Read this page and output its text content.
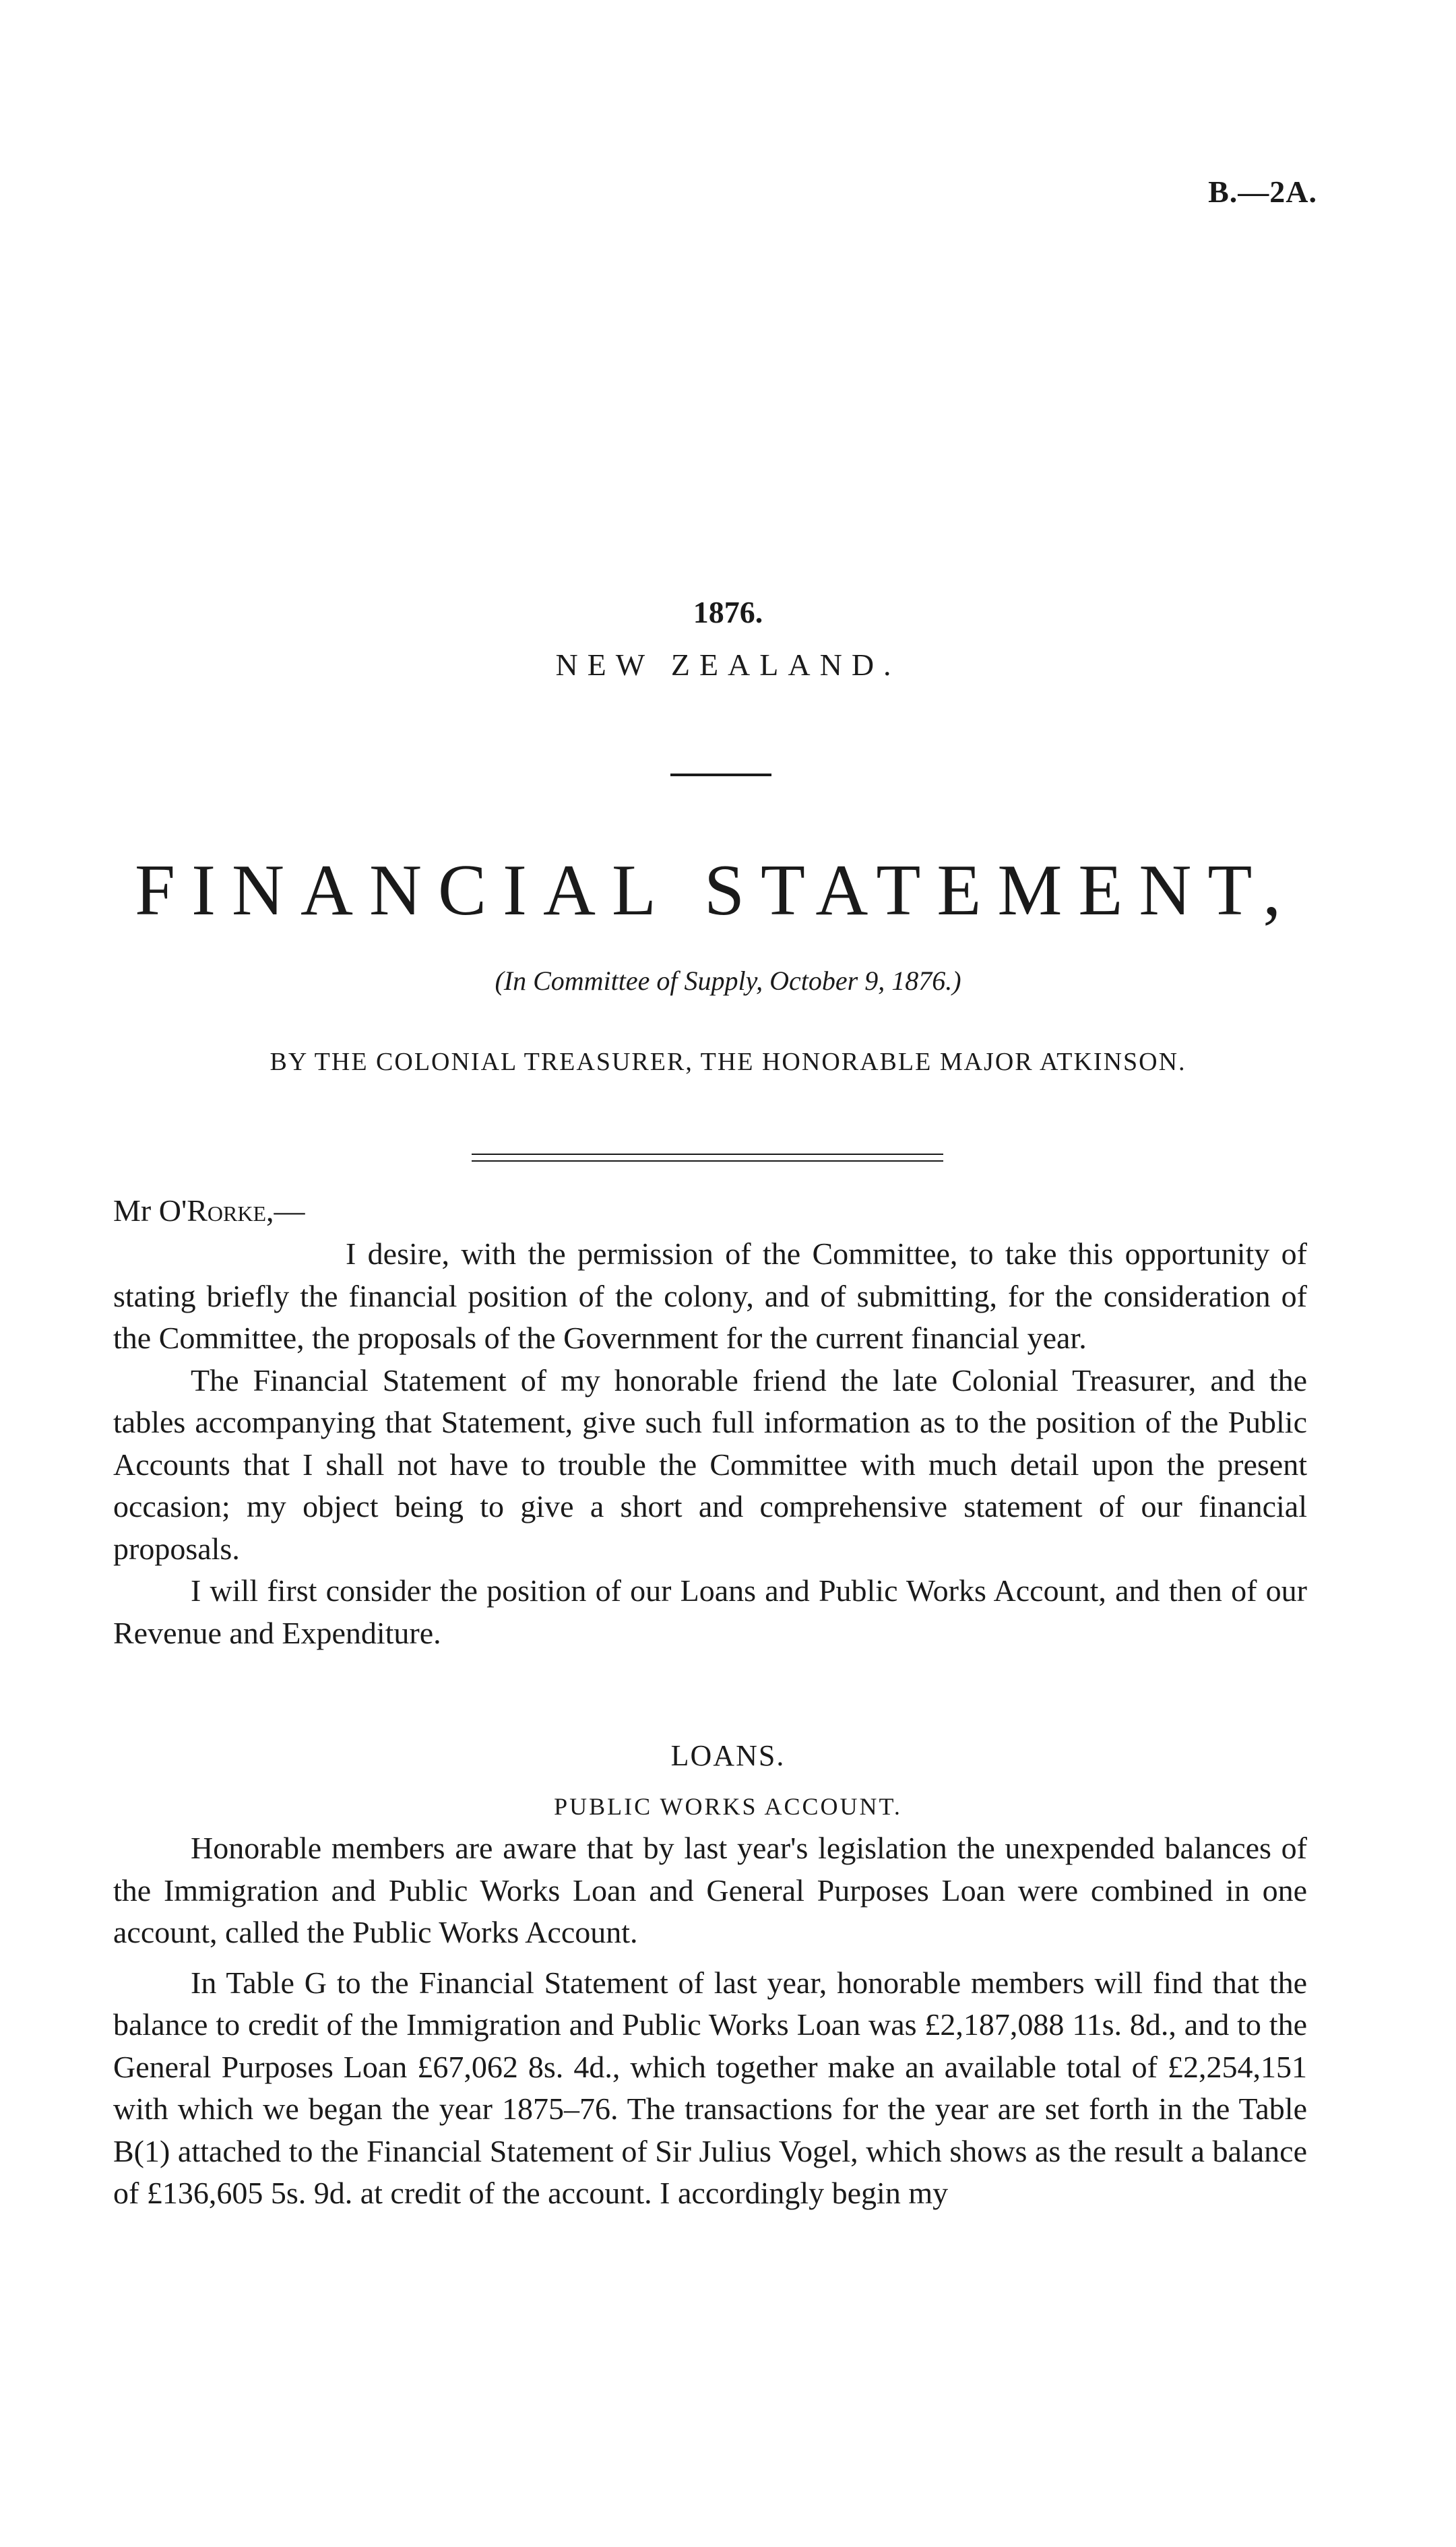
B.—2A.
1876.
NEW ZEALAND.
FINANCIAL STATEMENT,
(In Committee of Supply, October 9, 1876.)
BY THE COLONIAL TREASURER, THE HONORABLE MAJOR ATKINSON.
Mr O'Rorke,—

I desire, with the permission of the Committee, to take this opportunity of stating briefly the financial position of the colony, and of submitting, for the consideration of the Committee, the proposals of the Government for the current financial year.

The Financial Statement of my honorable friend the late Colonial Treasurer, and the tables accompanying that Statement, give such full information as to the position of the Public Accounts that I shall not have to trouble the Committee with much detail upon the present occasion; my object being to give a short and comprehensive statement of our financial proposals.

I will first consider the position of our Loans and Public Works Account, and then of our Revenue and Expenditure.

LOANS.
PUBLIC WORKS ACCOUNT.

Honorable members are aware that by last year's legislation the unexpended balances of the Immigration and Public Works Loan and General Purposes Loan were combined in one account, called the Public Works Account.

In Table G to the Financial Statement of last year, honorable members will find that the balance to credit of the Immigration and Public Works Loan was £2,187,088 11s. 8d., and to the General Purposes Loan £67,062 8s. 4d., which together make an available total of £2,254,151 with which we began the year 1875–76. The transactions for the year are set forth in the Table B(1) attached to the Financial Statement of Sir Julius Vogel, which shows as the result a balance of £136,605 5s. 9d. at credit of the account. I accordingly begin my
